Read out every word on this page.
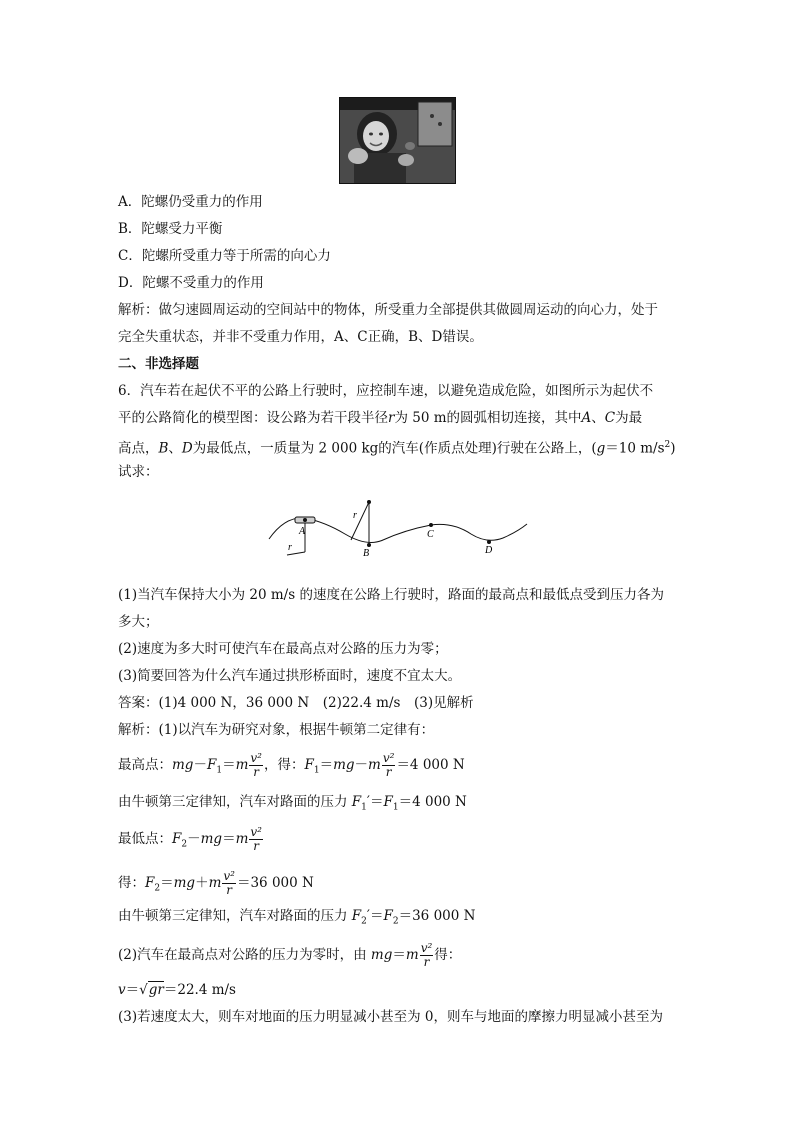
A．陀螺仍受重力的作用
B．陀螺受力平衡
C．陀螺所受重力等于所需的向心力
D．陀螺不受重力的作用
解析：做匀速圆周运动的空间站中的物体，所受重力全部提供其做圆周运动的向心力，处于
完全失重状态，并非不受重力作用，A、C正确，B、D错误。
二、非选择题
6．汽车若在起伏不平的公路上行驶时，应控制车速，以避免造成危险，如图所示为起伏不
平的公路简化的模型图：设公路为若干段半径r为 50 m的圆弧相切连接，其中A、C为最
高点，B、D为最低点，一质量为 2 000 kg的汽车(作质点处理)行驶在公路上，(g＝10 $m/s^2$)
试求：
A
B
C
D
r
r
(1)当汽车保持大小为 20 m/s 的速度在公路上行驶时，路面的最高点和最低点受到压力各为
多大；
(2)速度为多大时可使汽车在最高点对公路的压力为零；
(3)简要回答为什么汽车通过拱形桥面时，速度不宜太大。
答案：(1)4 000 N，36 000 N　(2)22.4 m/s　(3)见解析
解析：(1)以汽车为研究对象，根据牛顿第二定律有：
最高点：$mg-F_1=m \frac{\text{v²}}{r}$ ，得：$F_1=mg-m \frac{\text{v²}}{r} =4$ 000 N
由牛顿第三定律知，汽车对路面的压力 $F_1'=F_1=4$ 000 N
最低点：$F_2-mg=m \frac{\text{v²}}{r}$
得：$F_2=mg+m \frac{\text{v²}}{r} =36$ 000 N
由牛顿第三定律知，汽车对路面的压力 $F_2'=F_2=36$ 000 N
(2)汽车在最高点对公路的压力为零时，由 $mg=m \frac{\text{v²}}{r}$ 得：
v＝√gr＝22.4 m/s
(3)若速度太大，则车对地面的压力明显减小甚至为 0，则车与地面的摩擦力明显减小甚至为
